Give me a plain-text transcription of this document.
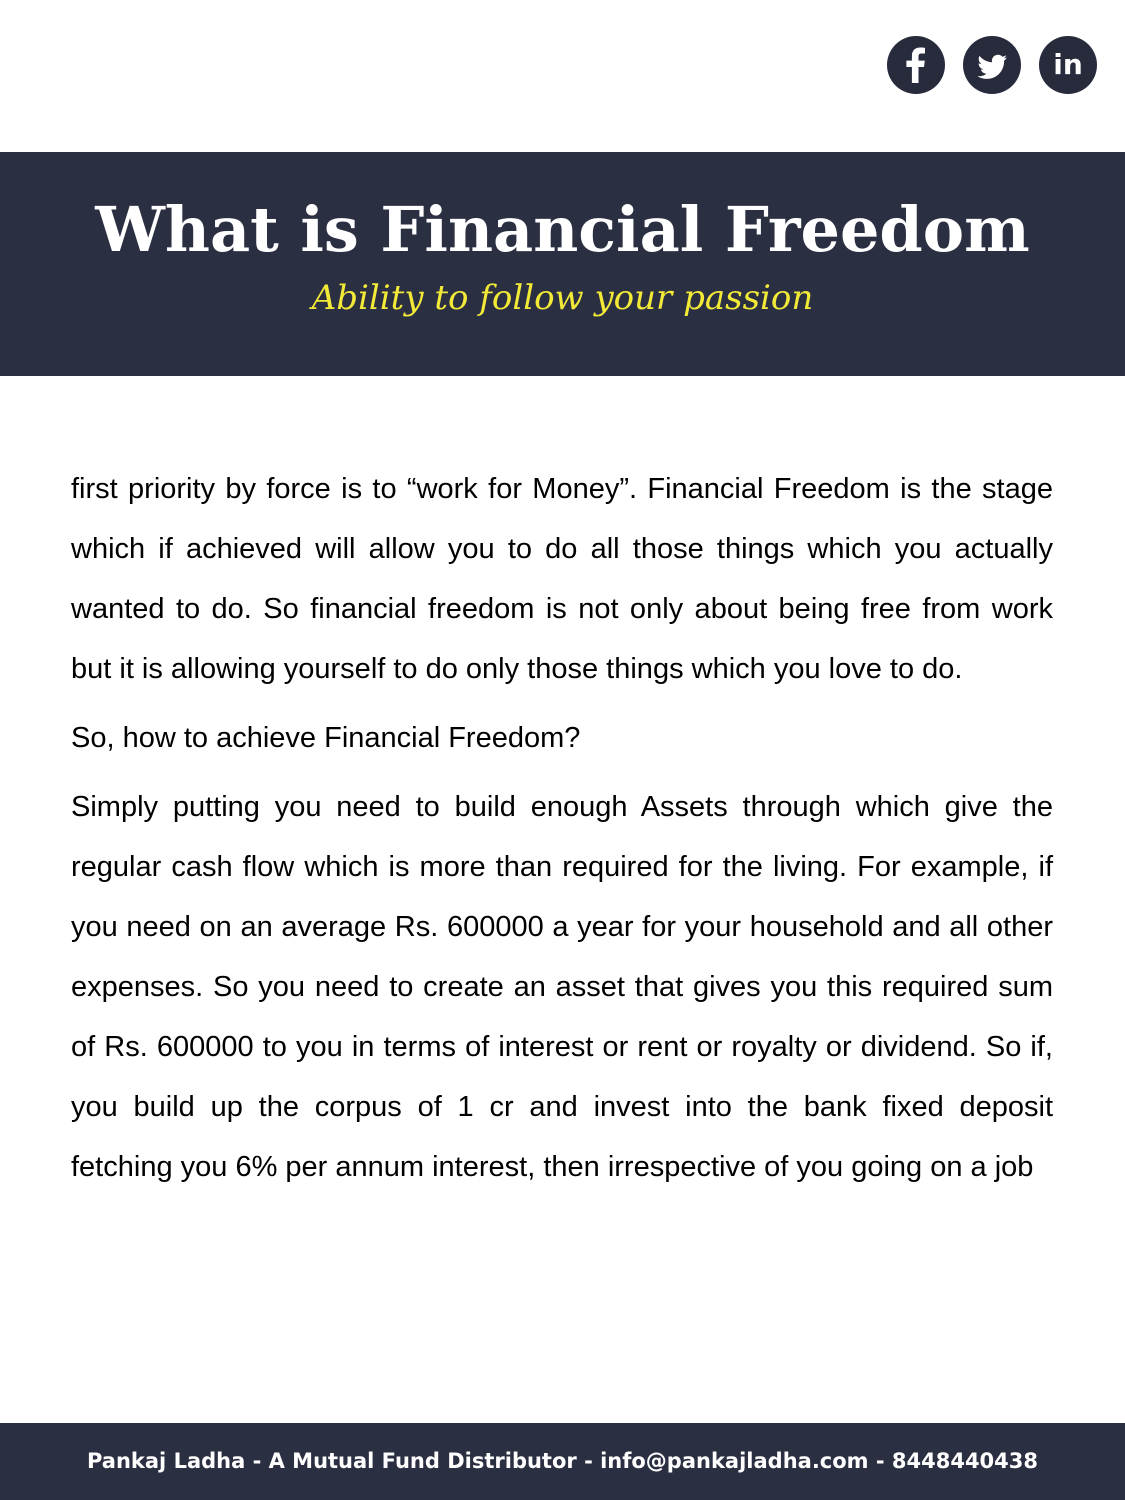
in
What is Financial Freedom

Ability to follow your passion

first priority by force is to “work for Money”. Financial Freedom is the stage which if achieved will allow you to do all those things which you actually wanted to do. So financial freedom is not only about being free from work but it is allowing yourself to do only those things which you love to do.

So, how to achieve Financial Freedom?

Simply putting you need to build enough Assets through which give the regular cash flow which is more than required for the living. For example, if you need on an average Rs. 600000 a year for your household and all other expenses. So you need to create an asset that gives you this required sum of Rs. 600000 to you in terms of interest or rent or royalty or dividend. So if, you build up the corpus of 1 cr and invest into the bank fixed deposit fetching you 6% per annum interest, then irrespective of you going on a job

Pankaj Ladha - A Mutual Fund Distributor - info@pankajladha.com - 8448440438
